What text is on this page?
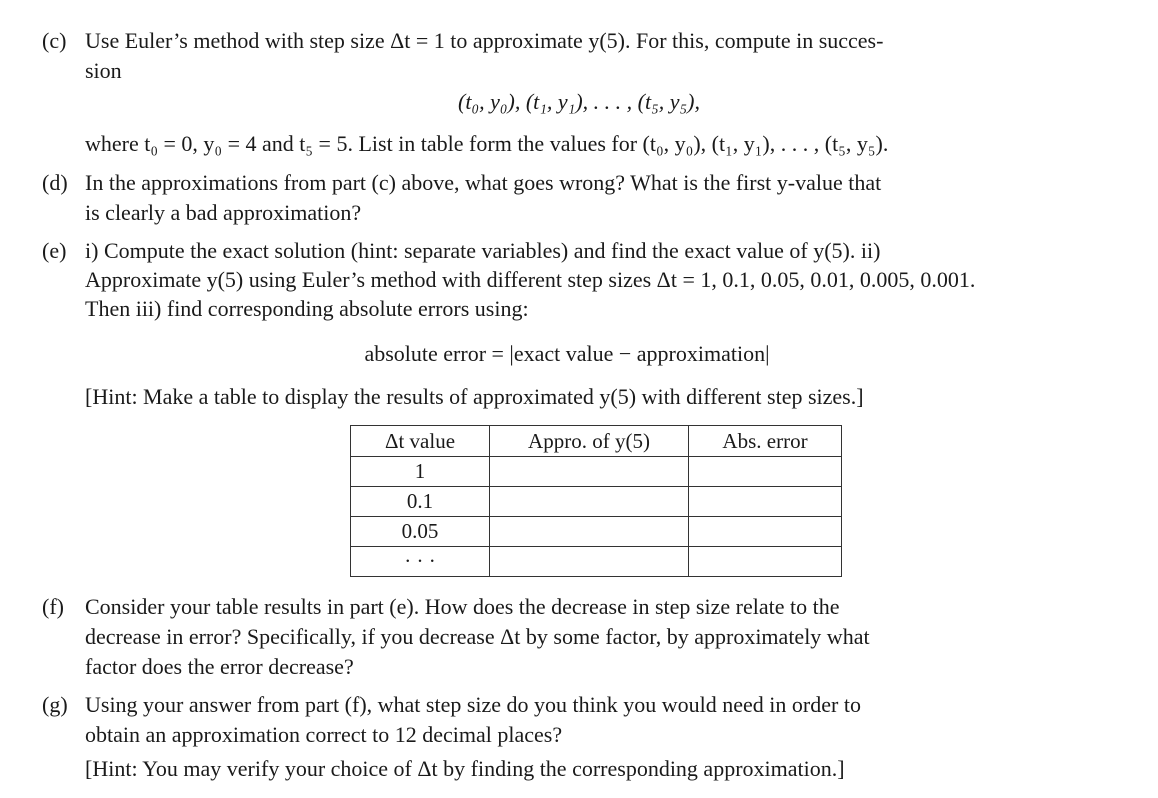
(c) Use Euler’s method with step size Δt = 1 to approximate y(5). For this, compute in succes-
sion
(t₀, y₀), (t₁, y₁), . . . , (t₅, y₅),
where t₀ = 0, y₀ = 4 and t₅ = 5. List in table form the values for (t₀, y₀), (t₁, y₁), . . . , (t₅, y₅).
(d) In the approximations from part (c) above, what goes wrong? What is the first y-value that
is clearly a bad approximation?
(e) i) Compute the exact solution (hint: separate variables) and find the exact value of y(5). ii)
Approximate y(5) using Euler’s method with different step sizes Δt = 1, 0.1, 0.05, 0.01, 0.005, 0.001.
Then iii) find corresponding absolute errors using:
absolute error = |exact value − approximation|
[Hint: Make a table to display the results of approximated y(5) with different step sizes.]
Δt value	Appro. of y(5)	Abs. error
1		
0.1		
0.05		
· · ·		
(f) Consider your table results in part (e). How does the decrease in step size relate to the
decrease in error? Specifically, if you decrease Δt by some factor, by approximately what
factor does the error decrease?
(g) Using your answer from part (f), what step size do you think you would need in order to
obtain an approximation correct to 12 decimal places?
[Hint: You may verify your choice of Δt by finding the corresponding approximation.]
